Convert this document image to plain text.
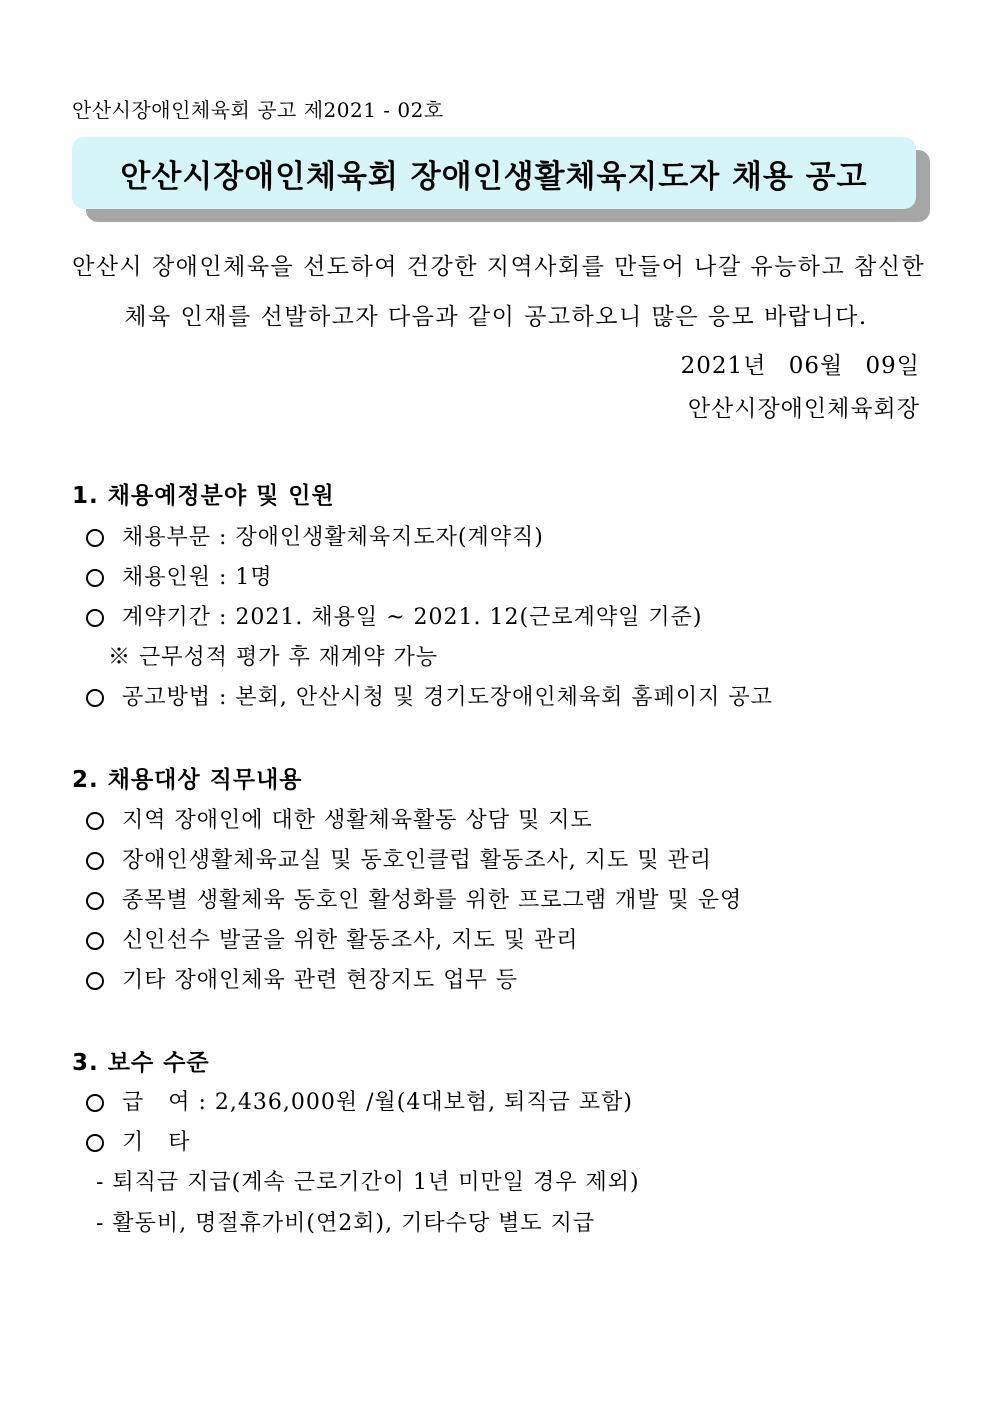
안산시장애인체육회 공고 제2021 - 02호
안산시장애인체육회 장애인생활체육지도자 채용 공고
안산시 장애인체육을 선도하여 건강한 지역사회를 만들어 나갈 유능하고 참신한
체육 인재를 선발하고자 다음과 같이 공고하오니 많은 응모 바랍니다.
2021년 06월 09일
안산시장애인체육회장
1. 채용예정분야 및 인원
채용부문 : 장애인생활체육지도자(계약직)
채용인원 : 1명
계약기간 : 2021. 채용일 ~ 2021. 12(근로계약일 기준)
※ 근무성적 평가 후 재계약 가능
공고방법 : 본회, 안산시청 및 경기도장애인체육회 홈페이지 공고
2. 채용대상 직무내용
지역 장애인에 대한 생활체육활동 상담 및 지도
장애인생활체육교실 및 동호인클럽 활동조사, 지도 및 관리
종목별 생활체육 동호인 활성화를 위한 프로그램 개발 및 운영
신인선수 발굴을 위한 활동조사, 지도 및 관리
기타 장애인체육 관련 현장지도 업무 등
3. 보수 수준
급   여 : 2,436,000원 /월(4대보험, 퇴직금 포함)
기   타
- 퇴직금 지급(계속 근로기간이 1년 미만일 경우 제외)
- 활동비, 명절휴가비(연2회), 기타수당 별도 지급
